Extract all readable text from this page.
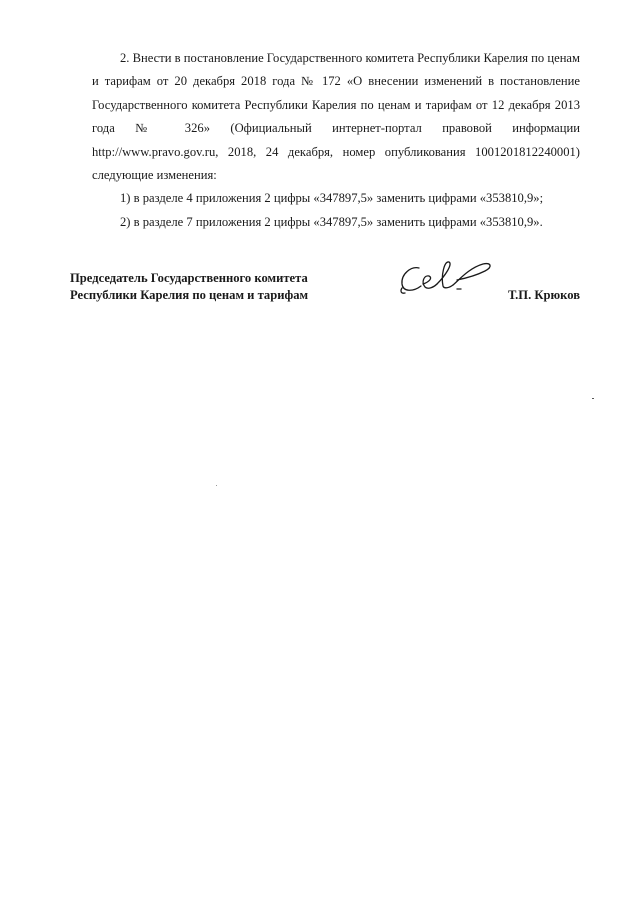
2. Внести в постановление Государственного комитета Республики Карелия по ценам и тарифам от 20 декабря 2018 года № 172 «О внесении изменений в постановление Государственного комитета Республики Карелия по ценам и тарифам от 12 декабря 2013 года № 326» (Официальный интернет-портал правовой информации http://www.pravo.gov.ru, 2018, 24 декабря, номер опубликования 1001201812240001) следующие изменения:

1) в разделе 4 приложения 2 цифры «347897,5» заменить цифрами «353810,9»;

2) в разделе 7 приложения 2 цифры «347897,5» заменить цифрами «353810,9».

Председатель Государственного комитета
Республики Карелия по ценам и тарифам	Т.П. Крюков
